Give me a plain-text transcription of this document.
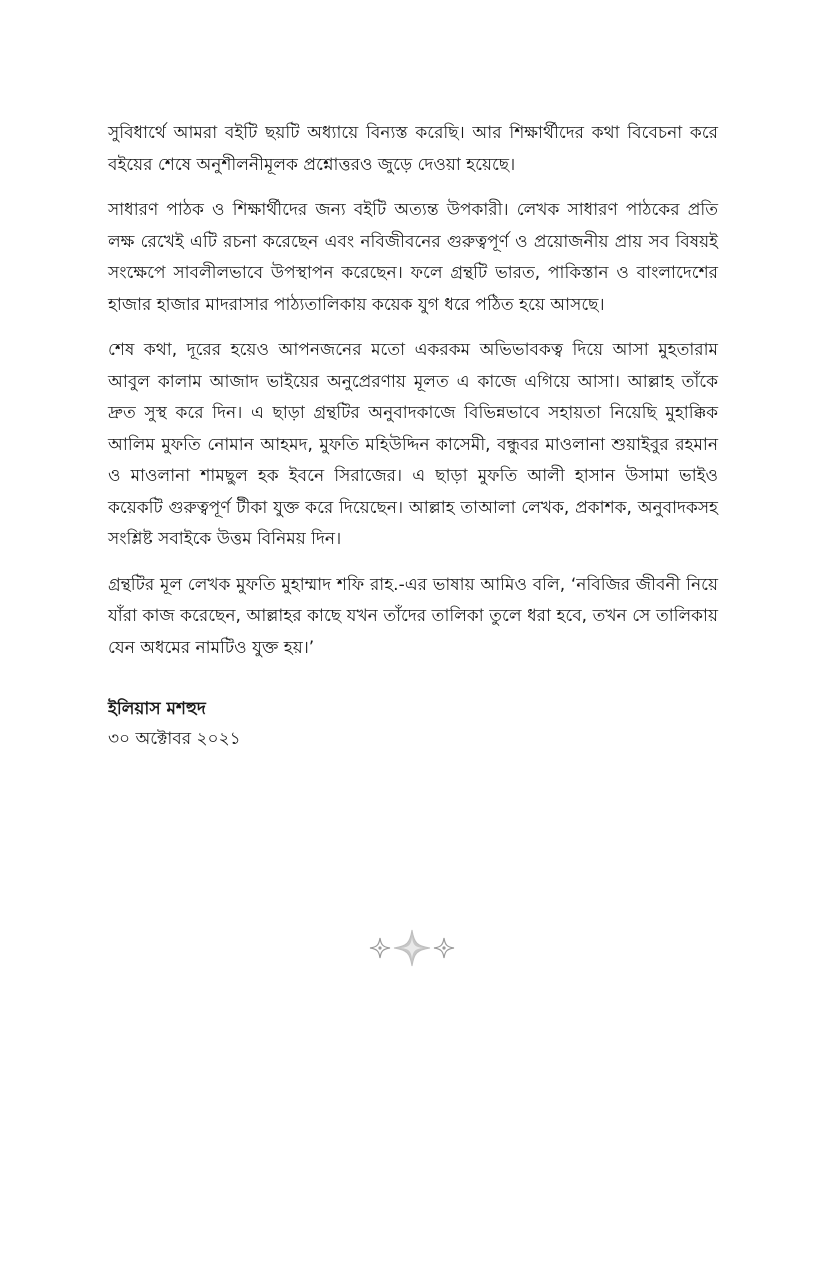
সুবিধার্থে আমরা বইটি ছয়টি অধ্যায়ে বিন্যস্ত করেছি। আর শিক্ষার্থীদের কথা বিবেচনা করে বইয়ের শেষে অনুশীলনীমূলক প্রশ্নোত্তরও জুড়ে দেওয়া হয়েছে।

সাধারণ পাঠক ও শিক্ষার্থীদের জন্য বইটি অত্যন্ত উপকারী। লেখক সাধারণ পাঠকের প্রতি লক্ষ রেখেই এটি রচনা করেছেন এবং নবিজীবনের গুরুত্বপূর্ণ ও প্রয়োজনীয় প্রায় সব বিষয়ই সংক্ষেপে সাবলীলভাবে উপস্থাপন করেছেন। ফলে গ্রন্থটি ভারত, পাকিস্তান ও বাংলাদেশের হাজার হাজার মাদরাসার পাঠ্যতালিকায় কয়েক যুগ ধরে পঠিত হয়ে আসছে।

শেষ কথা, দূরের হয়েও আপনজনের মতো একরকম অভিভাবকত্ব দিয়ে আসা মুহতারাম আবুল কালাম আজাদ ভাইয়ের অনুপ্রেরণায় মূলত এ কাজে এগিয়ে আসা। আল্লাহ তাঁকে দ্রুত সুস্থ করে দিন। এ ছাড়া গ্রন্থটির অনুবাদকাজে বিভিন্নভাবে সহায়তা নিয়েছি মুহাক্কিক আলিম মুফতি নোমান আহমদ, মুফতি মহিউদ্দিন কাসেমী, বন্ধুবর মাওলানা শুয়াইবুর রহমান ও মাওলানা শামছুল হক ইবনে সিরাজের। এ ছাড়া মুফতি আলী হাসান উসামা ভাইও কয়েকটি গুরুত্বপূর্ণ টীকা যুক্ত করে দিয়েছেন। আল্লাহ তাআলা লেখক, প্রকাশক, অনুবাদকসহ সংশ্লিষ্ট সবাইকে উত্তম বিনিময় দিন।

গ্রন্থটির মূল লেখক মুফতি মুহাম্মাদ শফি রাহ.-এর ভাষায় আমিও বলি, ‘নবিজির জীবনী নিয়ে যাঁরা কাজ করেছেন, আল্লাহর কাছে যখন তাঁদের তালিকা তুলে ধরা হবে, তখন সে তালিকায় যেন অধমের নামটিও যুক্ত হয়।’

ইলিয়াস মশহুদ
৩০ অক্টোবর ২০২১
